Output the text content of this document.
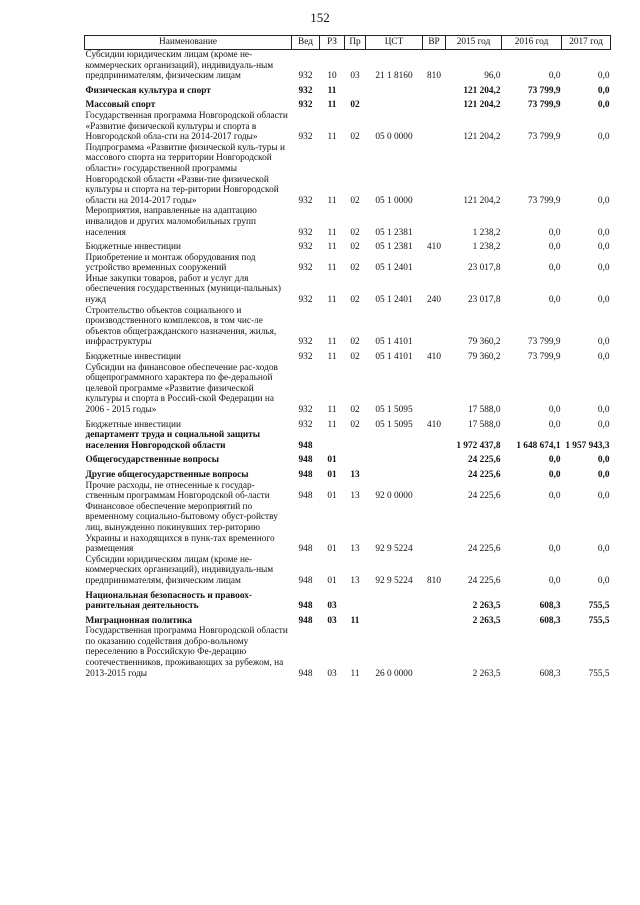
152
Наименование	Вед	РЗ	Пр	ЦСТ	ВР	2015 год	2016 год	2017 год
Субсидии юридическим лицам (кроме не-коммерческих организаций), индивидуаль-ным предпринимателям, физическим лицам	932	10	03	21 1 8160	810	96,0	0,0	0,0
Физическая культура и спорт	932	11				121 204,2	73 799,9	0,0
Массовый спорт	932	11	02			121 204,2	73 799,9	0,0
Государственная программа Новгородской области «Развитие физической культуры и спорта в Новгородской обла-сти на 2014-2017 годы»	932	11	02	05 0 0000		121 204,2	73 799,9	0,0
Подпрограмма «Развитие физической куль-туры и массового спорта на территории Новгородской области» государственной программы Новгородской области «Разви-тие физической культуры и спорта на тер-ритории Новгородской области на 2014-2017 годы»	932	11	02	05 1 0000		121 204,2	73 799,9	0,0
Мероприятия, направленные на адаптацию инвалидов и других маломобильных групп населения	932	11	02	05 1 2381		1 238,2	0,0	0,0
Бюджетные инвестиции	932	11	02	05 1 2381	410	1 238,2	0,0	0,0
Приобретение и монтаж оборудования под устройство временных сооружений	932	11	02	05 1 2401		23 017,8	0,0	0,0
Иные закупки товаров, работ и услуг для обеспечения государственных (муници-пальных) нужд	932	11	02	05 1 2401	240	23 017,8	0,0	0,0
Строительство объектов социального и производственного комплексов, в том чис-ле объектов общегражданского назначения, жилья, инфраструктуры	932	11	02	05 1 4101		79 360,2	73 799,9	0,0
Бюджетные инвестиции	932	11	02	05 1 4101	410	79 360,2	73 799,9	0,0
Субсидии на финансовое обеспечение рас-ходов общепрограммного характера по фе-деральной целевой программе «Развитие физической культуры и спорта в Россий-ской Федерации на 2006 - 2015 годы»	932	11	02	05 1 5095		17 588,0	0,0	0,0
Бюджетные инвестиции	932	11	02	05 1 5095	410	17 588,0	0,0	0,0
департамент труда и социальной защиты населения Новгородской области	948					1 972 437,8	1 648 674,1	1 957 943,3
Общегосударственные вопросы	948	01				24 225,6	0,0	0,0
Другие общегосударственные вопросы	948	01	13			24 225,6	0,0	0,0
Прочие расходы, не отнесенные к государ-ственным программам Новгородской об-ласти	948	01	13	92 0 0000		24 225,6	0,0	0,0
Финансовое обеспечение мероприятий по временному социально-бытовому обуст-ройству лиц, вынужденно покинувших тер-риторию Украины и находящихся в пунк-тах временного размещения	948	01	13	92 9 5224		24 225,6	0,0	0,0
Субсидии юридическим лицам (кроме не-коммерческих организаций), индивидуаль-ным предпринимателям, физическим лицам	948	01	13	92 9 5224	810	24 225,6	0,0	0,0
Национальная безопасность и правоох-ранительная деятельность	948	03				2 263,5	608,3	755,5
Миграционная политика	948	03	11			2 263,5	608,3	755,5
Государственная программа Новгородской области по оказанию содействия добро-вольному переселению в Российскую Фе-дерацию соотечественников, проживающих за рубежом, на 2013-2015 годы	948	03	11	26 0 0000		2 263,5	608,3	755,5
